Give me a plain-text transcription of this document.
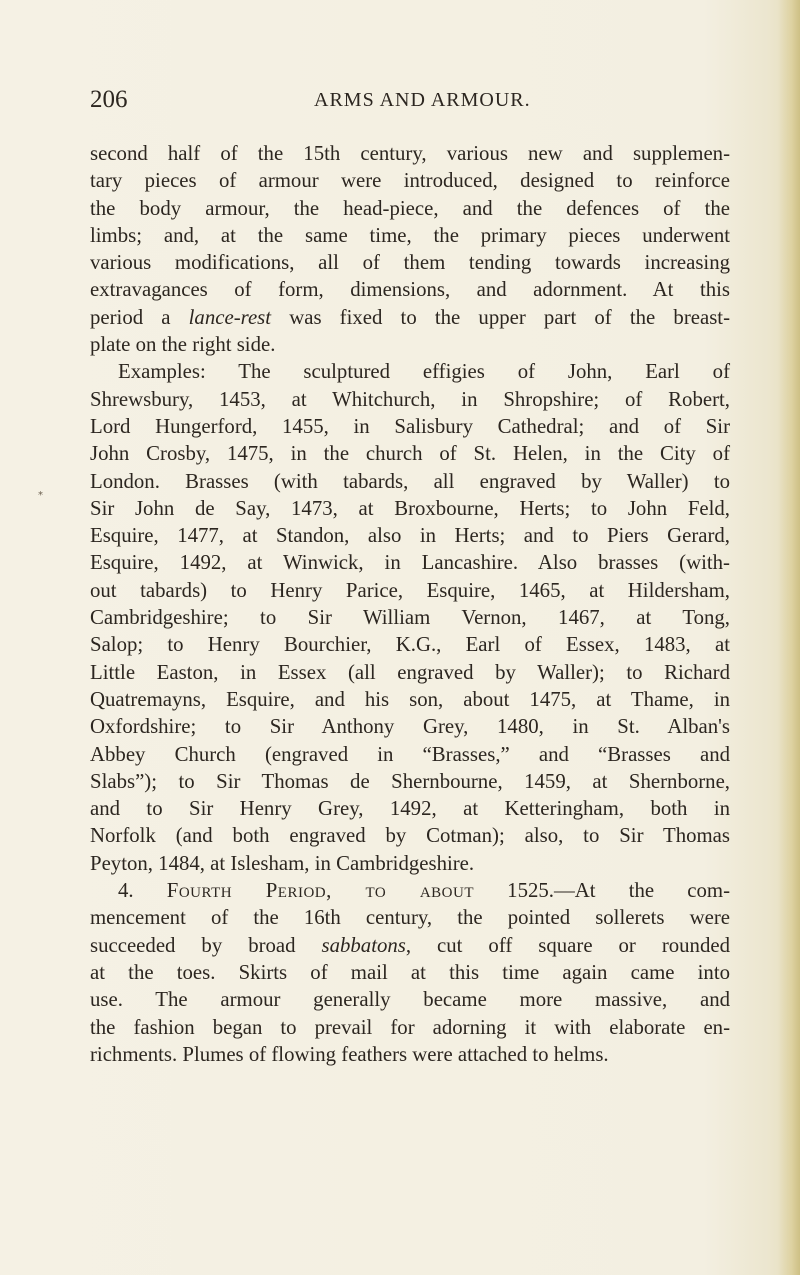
206	ARMS AND ARMOUR.
*
second half of the 15th century, various new and supplemen-
tary pieces of armour were introduced, designed to reinforce
the body armour, the head-piece, and the defences of the
limbs; and, at the same time, the primary pieces underwent
various modifications, all of them tending towards increasing
extravagances of form, dimensions, and adornment. At this
period a lance-rest was fixed to the upper part of the breast-
plate on the right side.
Examples: The sculptured effigies of John, Earl of
Shrewsbury, 1453, at Whitchurch, in Shropshire; of Robert,
Lord Hungerford, 1455, in Salisbury Cathedral; and of Sir
John Crosby, 1475, in the church of St. Helen, in the City of
London. Brasses (with tabards, all engraved by Waller) to
Sir John de Say, 1473, at Broxbourne, Herts; to John Feld,
Esquire, 1477, at Standon, also in Herts; and to Piers Gerard,
Esquire, 1492, at Winwick, in Lancashire. Also brasses (with-
out tabards) to Henry Parice, Esquire, 1465, at Hildersham,
Cambridgeshire; to Sir William Vernon, 1467, at Tong,
Salop; to Henry Bourchier, K.G., Earl of Essex, 1483, at
Little Easton, in Essex (all engraved by Waller); to Richard
Quatremayns, Esquire, and his son, about 1475, at Thame, in
Oxfordshire; to Sir Anthony Grey, 1480, in St. Alban's
Abbey Church (engraved in “Brasses,” and “Brasses and
Slabs”); to Sir Thomas de Shernbourne, 1459, at Shernborne,
and to Sir Henry Grey, 1492, at Ketteringham, both in
Norfolk (and both engraved by Cotman); also, to Sir Thomas
Peyton, 1484, at Islesham, in Cambridgeshire.
4. Fourth Period, to about 1525.—At the com-
mencement of the 16th century, the pointed sollerets were
succeeded by broad sabbatons, cut off square or rounded
at the toes. Skirts of mail at this time again came into
use. The armour generally became more massive, and
the fashion began to prevail for adorning it with elaborate en-
richments. Plumes of flowing feathers were attached to helms.
